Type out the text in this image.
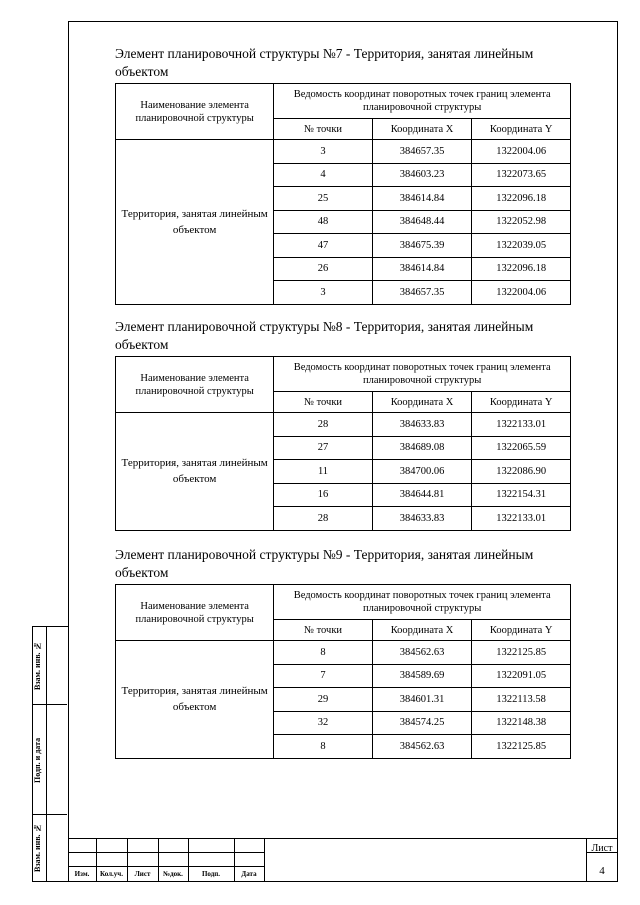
Взам. инв. №
Подп. и дата
Взам. инв. №
Элемент планировочной структуры №7 - Территория, занятая линейным объектом
Наименование элемента планировочной структуры	Ведомость координат поворотных точек границ элемента планировочной структуры		
	№ точки	Координата X	Координата Y
Территория, занятая линейным объектом	3	384657.35	1322004.06
	4	384603.23	1322073.65
	25	384614.84	1322096.18
	48	384648.44	1322052.98
	47	384675.39	1322039.05
	26	384614.84	1322096.18
	3	384657.35	1322004.06
Элемент планировочной структуры №8 - Территория, занятая линейным объектом
Наименование элемента планировочной структуры	Ведомость координат поворотных точек границ элемента планировочной структуры		
	№ точки	Координата X	Координата Y
Территория, занятая линейным объектом	28	384633.83	1322133.01
	27	384689.08	1322065.59
	11	384700.06	1322086.90
	16	384644.81	1322154.31
	28	384633.83	1322133.01
Элемент планировочной структуры №9 - Территория, занятая линейным объектом
Наименование элемента планировочной структуры	Ведомость координат поворотных точек границ элемента планировочной структуры		
	№ точки	Координата X	Координата Y
Территория, занятая линейным объектом	8	384562.63	1322125.85
	7	384589.69	1322091.05
	29	384601.31	1322113.58
	32	384574.25	1322148.38
	8	384562.63	1322125.85
Изм.	Кол.уч.	Лист	№док.	Подп.	Дата
Лист
4
